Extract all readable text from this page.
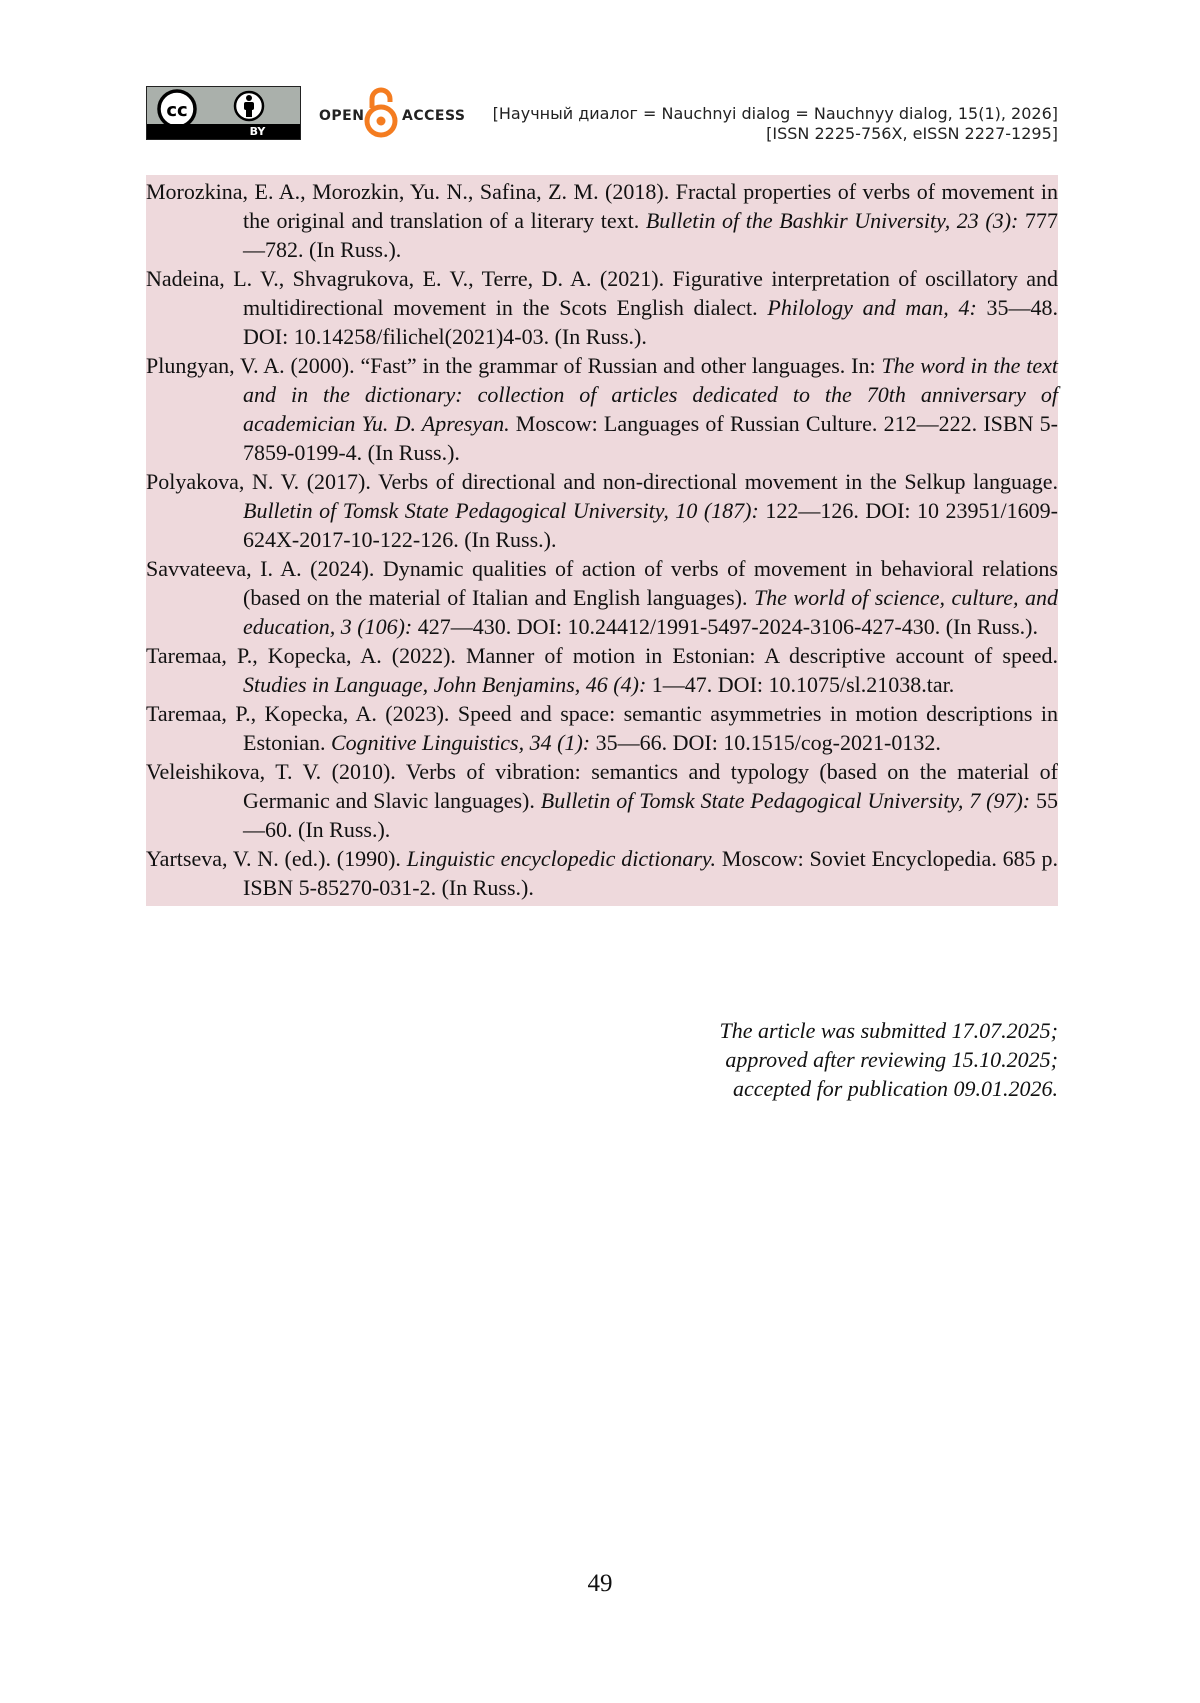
cc
BY
OPEN	ACCESS [Научный диалог = Nauchnyi dialog = Nauchnyy dialog, 15(1), 2026]
[ISSN 2225-756X, eISSN 2227-1295]
Morozkina, E. A., Morozkin, Yu. N., Safina, Z. M. (2018). Fractal properties of verbs of movement in the original and translation of a literary text. Bulletin of the Bashkir University, 23 (3): 777—782. (In Russ.).
Nadeina, L. V., Shvagrukova, E. V., Terre, D. A. (2021). Figurative interpretation of oscillatory and multidirectional movement in the Scots English dialect. Philology and man, 4: 35—48. DOI: 10.14258/filichel(2021)4-03. (In Russ.).
Plungyan, V. A. (2000). “Fast” in the grammar of Russian and other languages. In: The word in the text and in the dictionary: collection of articles dedicated to the 70th anniversary of academician Yu. D. Apresyan. Moscow: Languages of Russian Culture. 212—222. ISBN 5-7859-0199-4. (In Russ.).
Polyakova, N. V. (2017). Verbs of directional and non-directional movement in the Selkup language. Bulletin of Tomsk State Pedagogical University, 10 (187): 122—126. DOI: 10 23951/1609-624X-2017-10-122-126. (In Russ.).
Savvateeva, I. A. (2024). Dynamic qualities of action of verbs of movement in behavioral relations (based on the material of Italian and English languages). The world of science, culture, and education, 3 (106): 427—430. DOI: 10.24412/1991-5497-2024-3106-427-430. (In Russ.).
Taremaa, P., Kopecka, A. (2022). Manner of motion in Estonian: A descriptive account of speed. Studies in Language, John Benjamins, 46 (4): 1—47. DOI: 10.1075/sl.21038.tar.
Taremaa, P., Kopecka, A. (2023). Speed and space: semantic asymmetries in motion descriptions in Estonian. Cognitive Linguistics, 34 (1): 35—66. DOI: 10.1515/cog-2021-0132.
Veleishikova, T. V. (2010). Verbs of vibration: semantics and typology (based on the material of Germanic and Slavic languages). Bulletin of Tomsk State Pedagogical University, 7 (97): 55—60. (In Russ.).
Yartseva, V. N. (ed.). (1990). Linguistic encyclopedic dictionary. Moscow: Soviet Encyclopedia. 685 p. ISBN 5-85270-031-2. (In Russ.).
The article was submitted 17.07.2025;
approved after reviewing 15.10.2025;
accepted for publication 09.01.2026.
49
